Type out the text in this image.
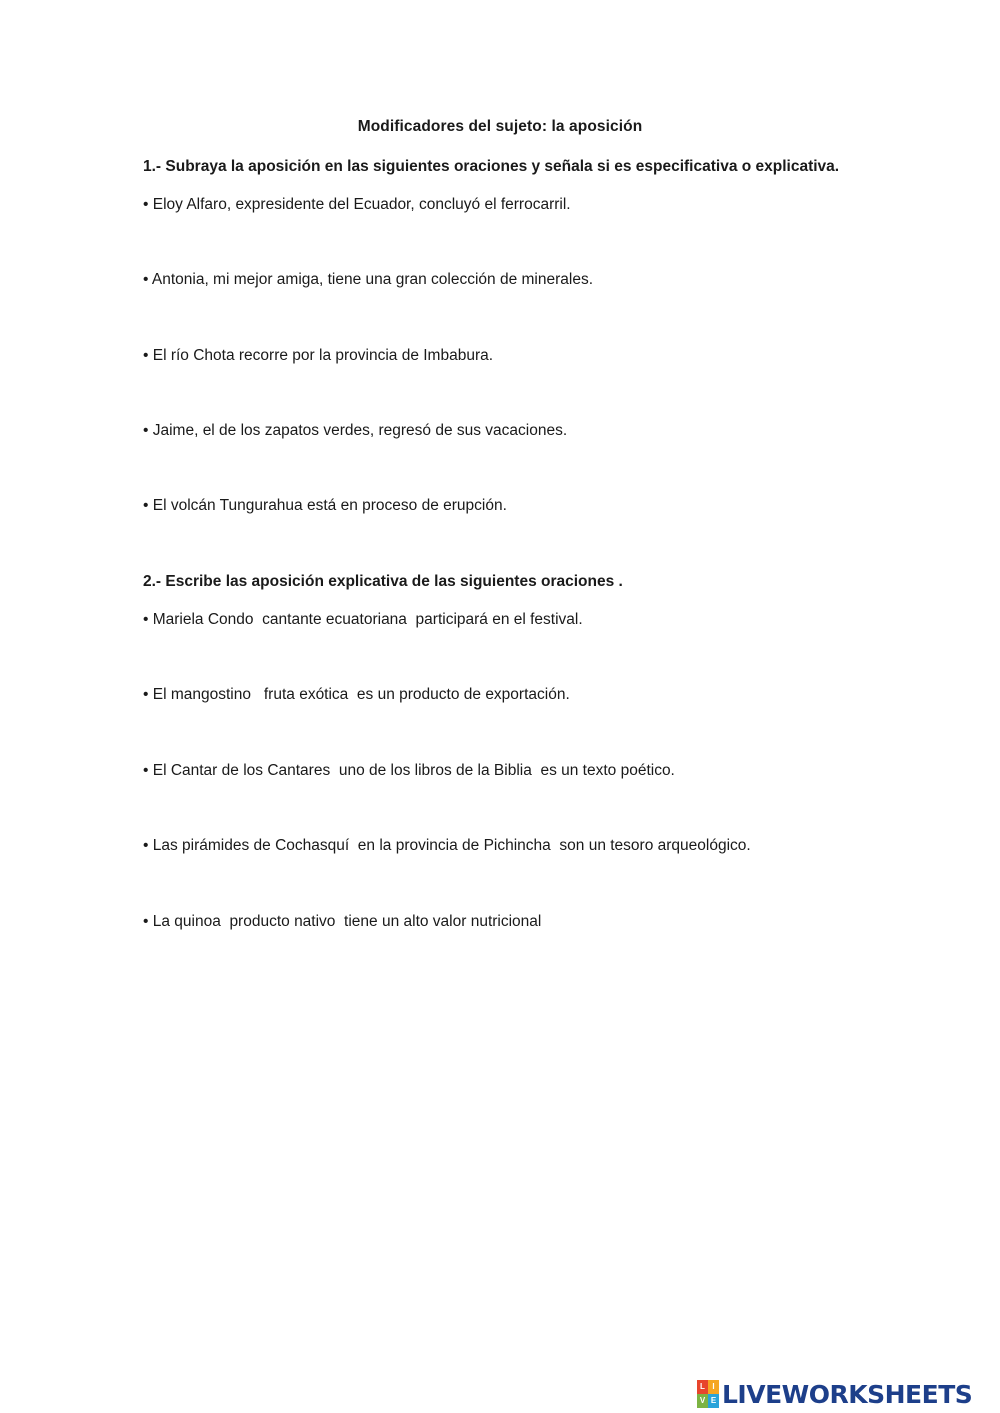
Modificadores del sujeto: la aposición
1.- Subraya la aposición en las siguientes oraciones y señala si es especificativa o explicativa.
• Eloy Alfaro, expresidente del Ecuador, concluyó el ferrocarril.
• Antonia, mi mejor amiga, tiene una gran colección de minerales.
• El río Chota recorre por la provincia de Imbabura.
• Jaime, el de los zapatos verdes, regresó de sus vacaciones.
• El volcán Tungurahua está en proceso de erupción.
2.- Escribe las aposición explicativa de las siguientes oraciones .
• Mariela Condo  cantante ecuatoriana  participará en el festival.
• El mangostino   fruta exótica  es un producto de exportación.
• El Cantar de los Cantares  uno de los libros de la Biblia  es un texto poético.
• Las pirámides de Cochasquí  en la provincia de Pichincha  son un tesoro arqueológico.
• La quinoa  producto nativo  tiene un alto valor nutricional
L I
V E LIVEWORKSHEETS
